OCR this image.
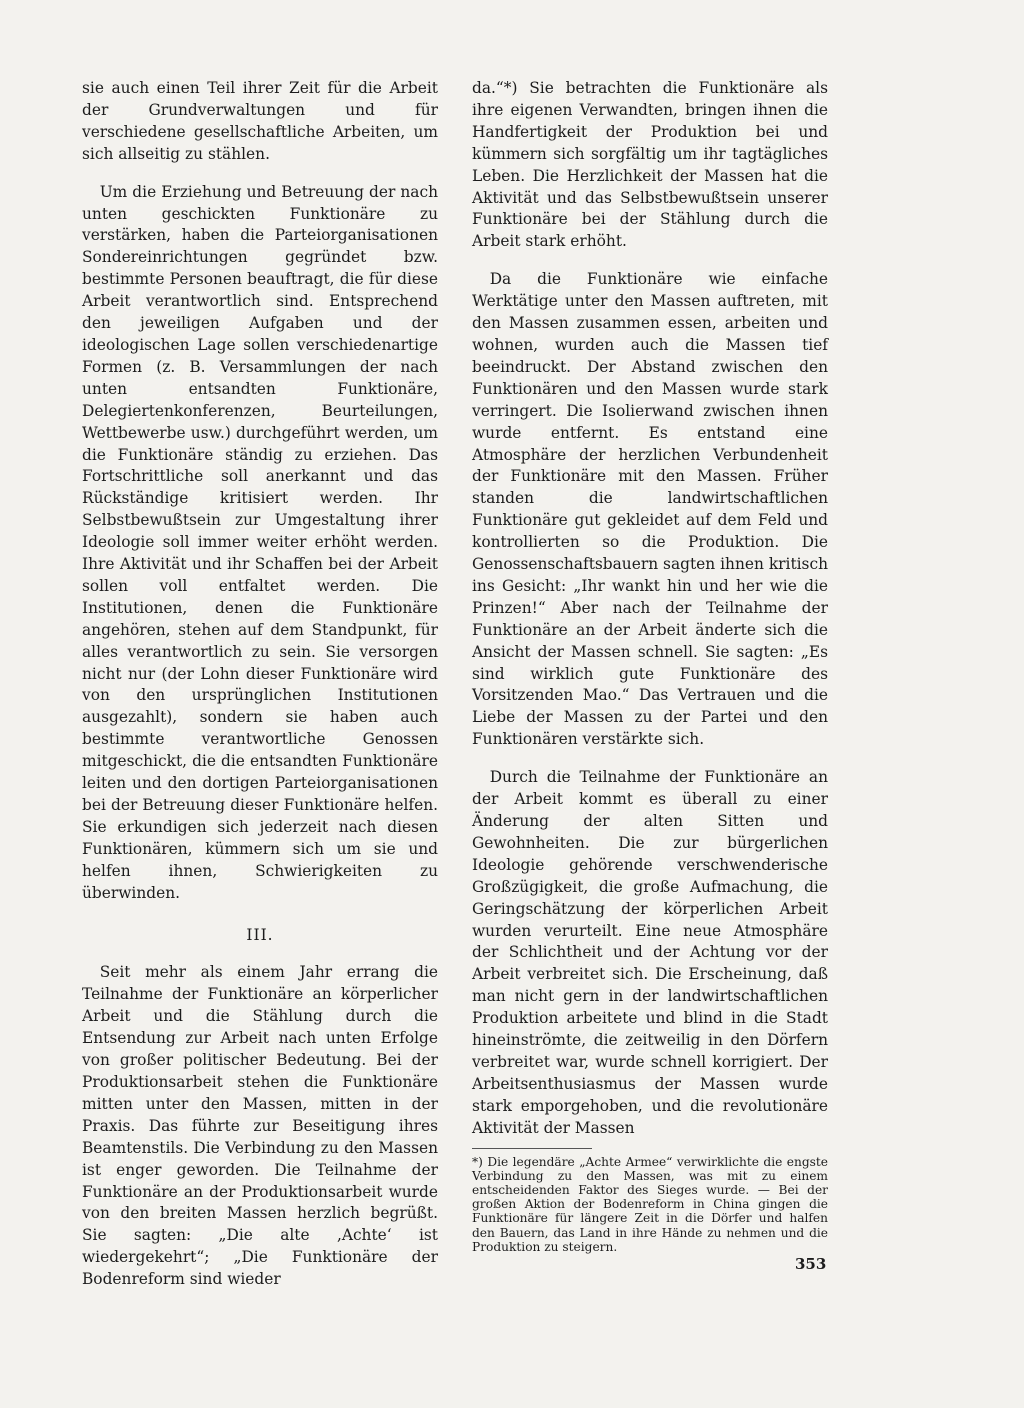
sie auch einen Teil ihrer Zeit für die Arbeit der Grundverwaltungen und für verschiedene gesellschaftliche Arbeiten, um sich allseitig zu stählen.

Um die Erziehung und Betreuung der nach unten geschickten Funktionäre zu verstärken, haben die Parteiorganisationen Sondereinrichtungen gegründet bzw. bestimmte Personen beauftragt, die für diese Arbeit verantwortlich sind. Entsprechend den jeweiligen Aufgaben und der ideologischen Lage sollen verschiedenartige Formen (z. B. Versammlungen der nach unten entsandten Funktionäre, Delegiertenkonferenzen, Beurteilungen, Wettbewerbe usw.) durchgeführt werden, um die Funktionäre ständig zu erziehen. Das Fortschrittliche soll anerkannt und das Rückständige kritisiert werden. Ihr Selbstbewußtsein zur Umgestaltung ihrer Ideologie soll immer weiter erhöht werden. Ihre Aktivität und ihr Schaffen bei der Arbeit sollen voll entfaltet werden. Die Institutionen, denen die Funktionäre angehören, stehen auf dem Standpunkt, für alles verantwortlich zu sein. Sie versorgen nicht nur (der Lohn dieser Funktionäre wird von den ursprünglichen Institutionen ausgezahlt), sondern sie haben auch bestimmte verantwortliche Genossen mitgeschickt, die die entsandten Funktionäre leiten und den dortigen Parteiorganisationen bei der Betreuung dieser Funktionäre helfen. Sie erkundigen sich jederzeit nach diesen Funktionären, kümmern sich um sie und helfen ihnen, Schwierigkeiten zu überwinden.

III.

Seit mehr als einem Jahr errang die Teilnahme der Funktionäre an körperlicher Arbeit und die Stählung durch die Entsendung zur Arbeit nach unten Erfolge von großer politischer Bedeutung. Bei der Produktionsarbeit stehen die Funktionäre mitten unter den Massen, mitten in der Praxis. Das führte zur Beseitigung ihres Beamtenstils. Die Verbindung zu den Massen ist enger geworden. Die Teilnahme der Funktionäre an der Produktionsarbeit wurde von den breiten Massen herzlich begrüßt. Sie sagten: „Die alte ‚Achte‘ ist wiedergekehrt“; „Die Funktionäre der Bodenreform sind wieder

da.“*) Sie betrachten die Funktionäre als ihre eigenen Verwandten, bringen ihnen die Handfertigkeit der Produktion bei und kümmern sich sorgfältig um ihr tagtägliches Leben. Die Herzlichkeit der Massen hat die Aktivität und das Selbstbewußtsein unserer Funktionäre bei der Stählung durch die Arbeit stark erhöht.

Da die Funktionäre wie einfache Werktätige unter den Massen auftreten, mit den Massen zusammen essen, arbeiten und wohnen, wurden auch die Massen tief beeindruckt. Der Abstand zwischen den Funktionären und den Massen wurde stark verringert. Die Isolierwand zwischen ihnen wurde entfernt. Es entstand eine Atmosphäre der herzlichen Verbundenheit der Funktionäre mit den Massen. Früher standen die landwirtschaftlichen Funktionäre gut gekleidet auf dem Feld und kontrollierten so die Produktion. Die Genossenschaftsbauern sagten ihnen kritisch ins Gesicht: „Ihr wankt hin und her wie die Prinzen!“ Aber nach der Teilnahme der Funktionäre an der Arbeit änderte sich die Ansicht der Massen schnell. Sie sagten: „Es sind wirklich gute Funktionäre des Vorsitzenden Mao.“ Das Vertrauen und die Liebe der Massen zu der Partei und den Funktionären verstärkte sich.

Durch die Teilnahme der Funktionäre an der Arbeit kommt es überall zu einer Änderung der alten Sitten und Gewohnheiten. Die zur bürgerlichen Ideologie gehörende verschwenderische Großzügigkeit, die große Aufmachung, die Geringschätzung der körperlichen Arbeit wurden verurteilt. Eine neue Atmosphäre der Schlichtheit und der Achtung vor der Arbeit verbreitet sich. Die Erscheinung, daß man nicht gern in der landwirtschaftlichen Produktion arbeitete und blind in die Stadt hineinströmte, die zeitweilig in den Dörfern verbreitet war, wurde schnell korrigiert. Der Arbeitsenthusiasmus der Massen wurde stark emporgehoben, und die revolutionäre Aktivität der Massen

*) Die legendäre „Achte Armee“ verwirklichte die engste Verbindung zu den Massen, was mit zu einem entscheidenden Faktor des Sieges wurde. — Bei der großen Aktion der Bodenreform in China gingen die Funktionäre für längere Zeit in die Dörfer und halfen den Bauern, das Land in ihre Hände zu nehmen und die Produktion zu steigern.

353
